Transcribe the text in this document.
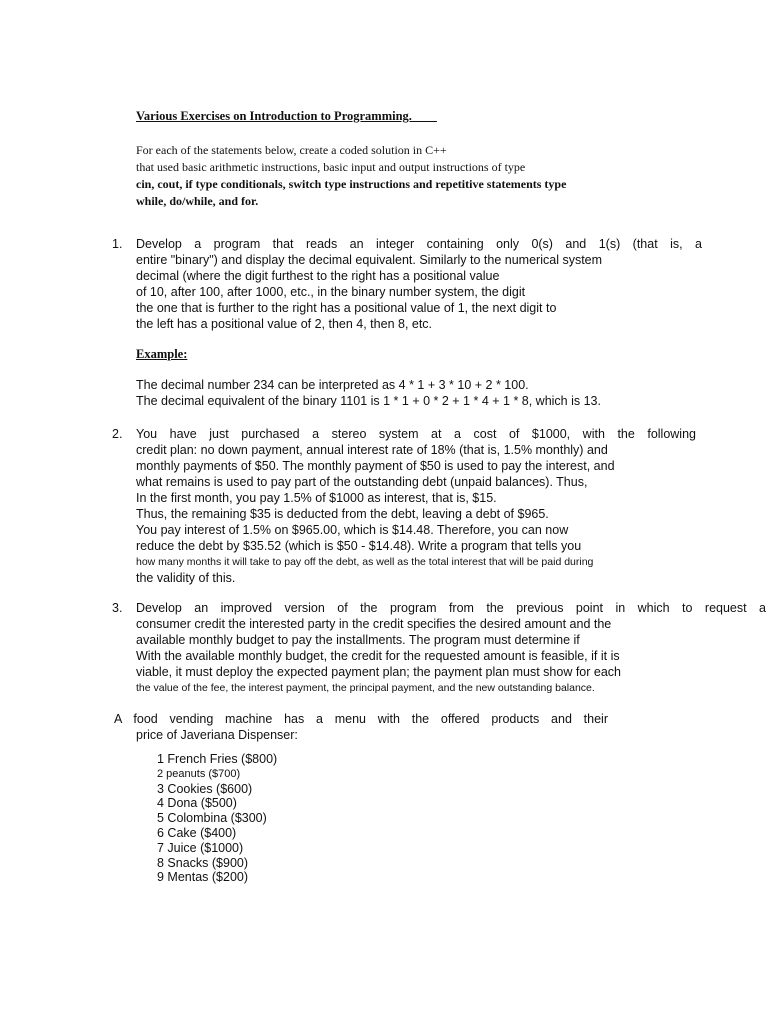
Various Exercises on Introduction to Programming.

For each of the statements below, create a coded solution in C++
that used basic arithmetic instructions, basic input and output instructions of type
cin, cout, if type conditionals, switch type instructions and repetitive statements type
while, do/while, and for.
1. Develop a program that reads an integer containing only 0(s) and 1(s) (that is, a
entire "binary") and display the decimal equivalent. Similarly to the numerical system
decimal (where the digit furthest to the right has a positional value
of 10, after 100, after 1000, etc., in the binary number system, the digit
the one that is further to the right has a positional value of 1, the next digit to
the left has a positional value of 2, then 4, then 8, etc.

Example:

The decimal number 234 can be interpreted as 4 * 1 + 3 * 10 + 2 * 100.
The decimal equivalent of the binary 1101 is 1 * 1 + 0 * 2 + 1 * 4 + 1 * 8, which is 13.
2. You have just purchased a stereo system at a cost of $1000, with the following
credit plan: no down payment, annual interest rate of 18% (that is, 1.5% monthly) and
monthly payments of $50. The monthly payment of $50 is used to pay the interest, and
what remains is used to pay part of the outstanding debt (unpaid balances). Thus,
In the first month, you pay 1.5% of $1000 as interest, that is, $15.
Thus, the remaining $35 is deducted from the debt, leaving a debt of $965.
You pay interest of 1.5% on $965.00, which is $14.48. Therefore, you can now
reduce the debt by $35.52 (which is $50 - $14.48). Write a program that tells you
how many months it will take to pay off the debt, as well as the total interest that will be paid during
the validity of this.
3. Develop an improved version of the program from the previous point in which to request a
consumer credit the interested party in the credit specifies the desired amount and the
available monthly budget to pay the installments. The program must determine if
With the available monthly budget, the credit for the requested amount is feasible, if it is
viable, it must deploy the expected payment plan; the payment plan must show for each
the value of the fee, the interest payment, the principal payment, and the new outstanding balance.
A food vending machine has a menu with the offered products and their
price of Javeriana Dispenser:
1 French Fries ($800)
2 peanuts ($700)
3 Cookies ($600)
4 Dona ($500)
5 Colombina ($300)
6 Cake ($400)
7 Juice ($1000)
8 Snacks ($900)
9 Mentas ($200)
